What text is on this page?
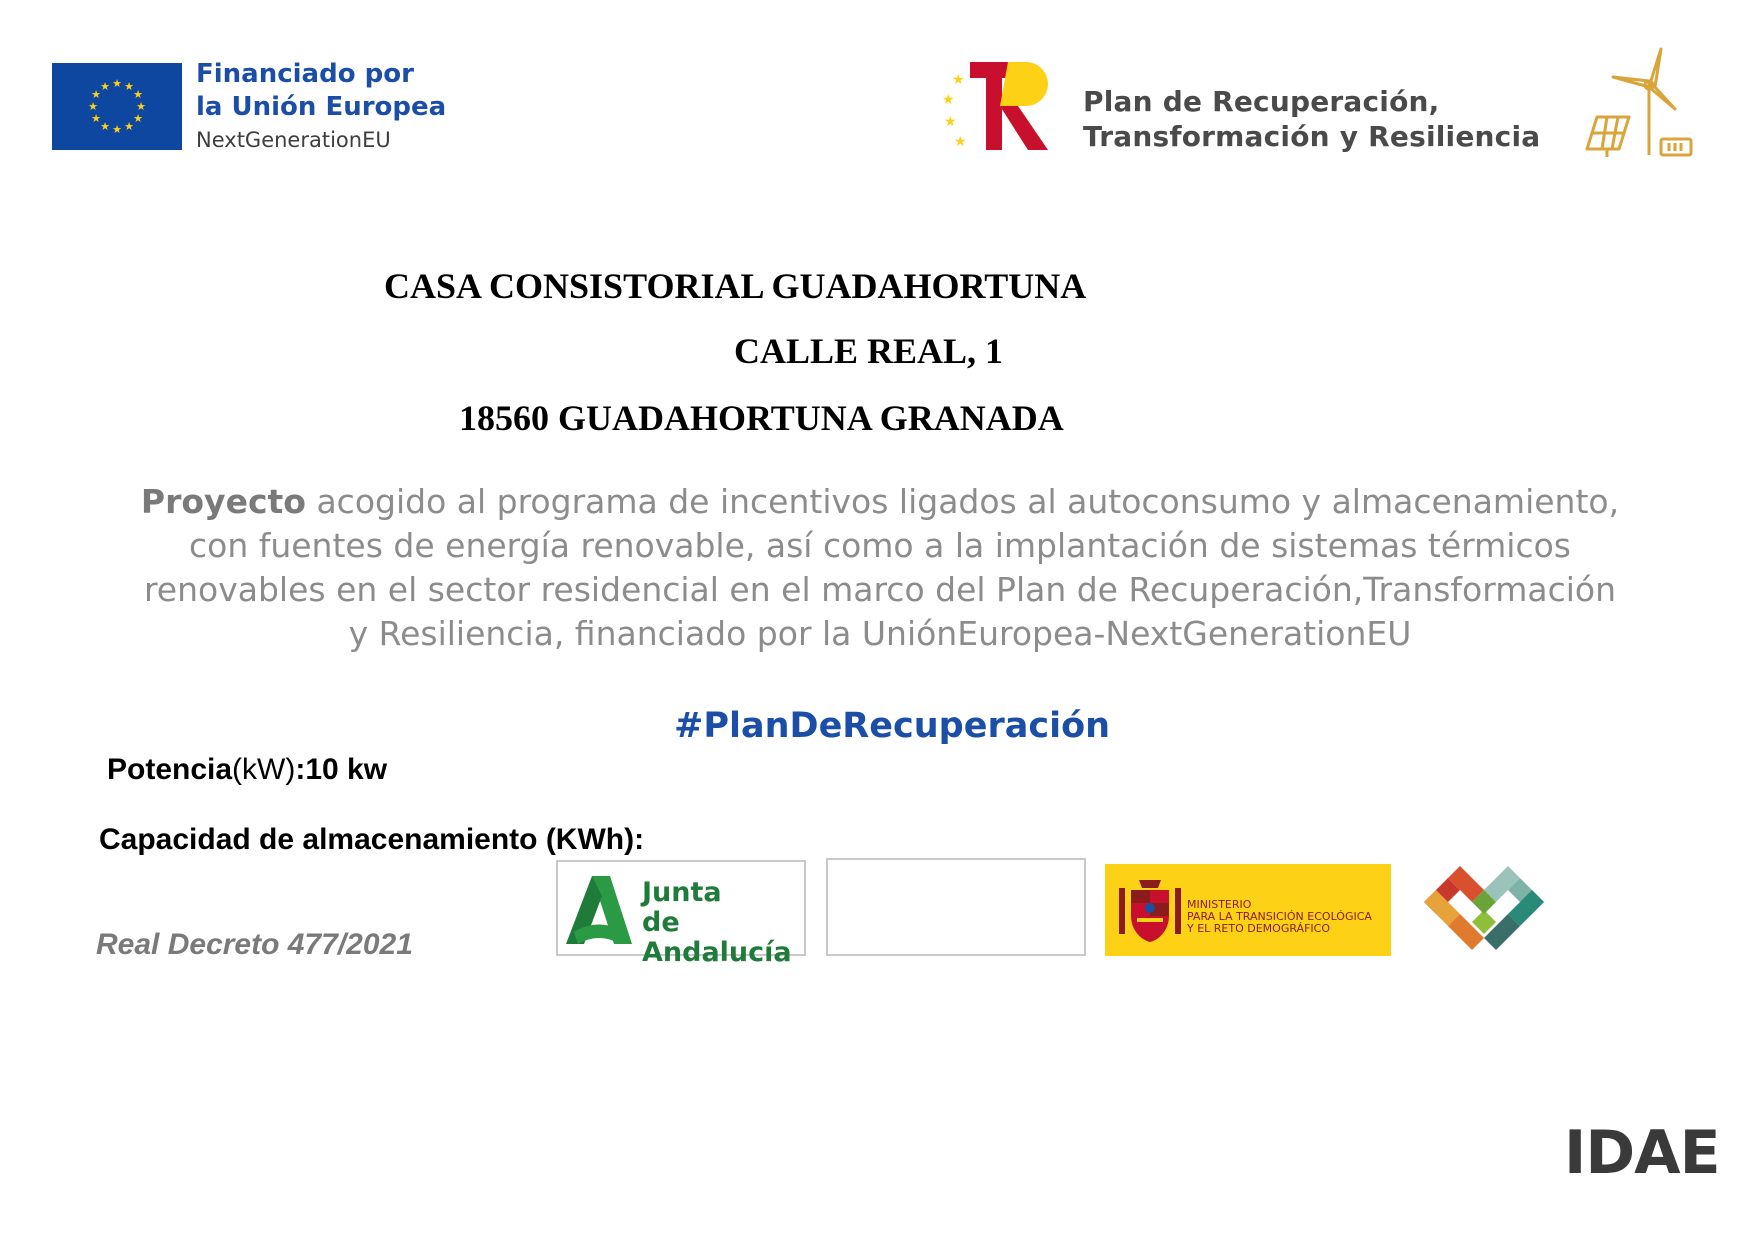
★ ★
★
★
★
★
★
★
★
★
★
★	Financiado por
la Unión Europea
NextGenerationEU
★
★
★
★
Plan de Recuperación,
Transformación y Resiliencia
CASA CONSISTORIAL GUADAHORTUNA
CALLE REAL, 1
18560 GUADAHORTUNA GRANADA
Proyecto acogido al programa de incentivos ligados al autoconsumo y almacenamiento, con fuentes de energía renovable, así como a la implantación de sistemas térmicos renovables en el sector residencial en el marco del Plan de Recuperación,Transformación y Resiliencia, financiado por la UniónEuropea-NextGenerationEU
#PlanDeRecuperación
Potencia(kW):10 kw
Capacidad de almacenamiento (KWh):
Real Decreto 477/2021
Junta
de Andalucía
MINISTERIO
PARA LA TRANSICIÓN ECOLÓGICA
Y EL RETO DEMOGRÁFICO
IDAE
